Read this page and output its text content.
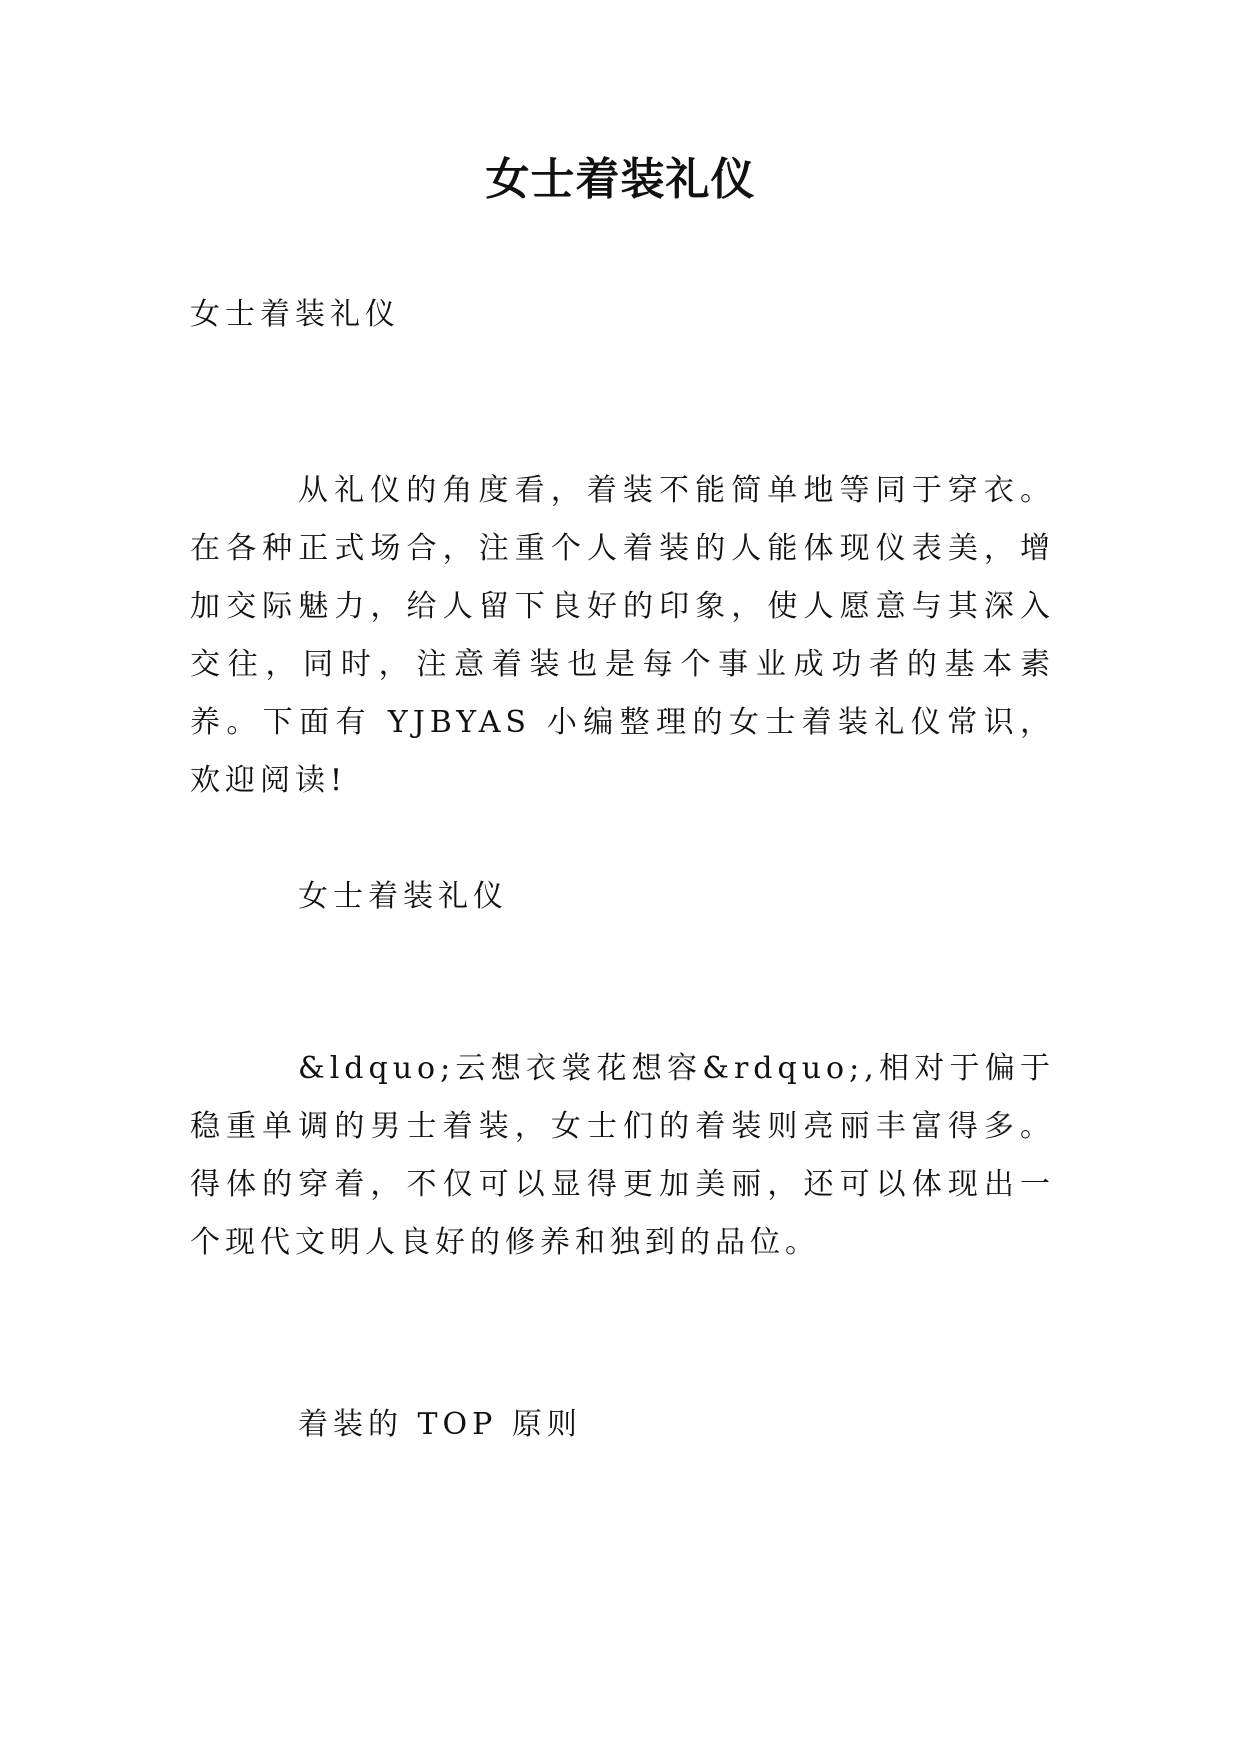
女士着装礼仪

女士着装礼仪

从礼仪的角度看，着装不能简单地等同于穿衣。在各种正式场合，注重个人着装的人能体现仪表美，增加交际魅力，给人留下良好的印象，使人愿意与其深入交往，同时，注意着装也是每个事业成功者的基本素养。下面有 YJBYAS 小编整理的女士着装礼仪常识，欢迎阅读!

女士着装礼仪

&ldquo;云想衣裳花想容&rdquo;,相对于偏于稳重单调的男士着装，女士们的着装则亮丽丰富得多。得体的穿着，不仅可以显得更加美丽，还可以体现出一个现代文明人良好的修养和独到的品位。

着装的 TOP 原则
